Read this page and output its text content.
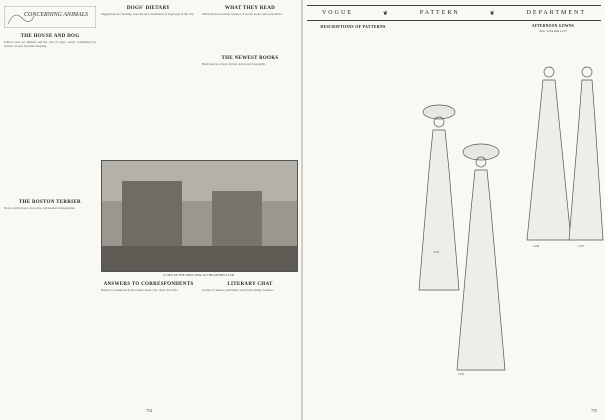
CONCERNING ANIMALS

THE HOUSE AND DOG

Editor's note on animals and the care of dogs; essays contributed by readers on pets and their keeping.

DOGS' DIETARY

Suggestions for feeding, exercise and cleanliness of dogs kept in the city.

WHAT THEY READ

Publications received; reviews of recent books and periodicals.

THE NEWEST BOOKS

Brief notices of new fiction, travel and biography.

A VIEW OF THE SHOW RING AT THE KENNEL CLUB

ANSWERS TO CORRESPONDENTS

Replies to questions from readers about cats, dogs and birds.

THE BOSTON TERRIER

Notes on the breed, its points, and kennel arrangements.

LITERARY CHAT

Gossip of authors, publishers and forthcoming volumes.

754
VOGUE	❦	PATTERN	❦	DEPARTMENT

DESCRIPTIONS OF PATTERNS	AFTERNOON GOWNS

Nos. 1234 and 1235

1234
1235
1236	1237

755
